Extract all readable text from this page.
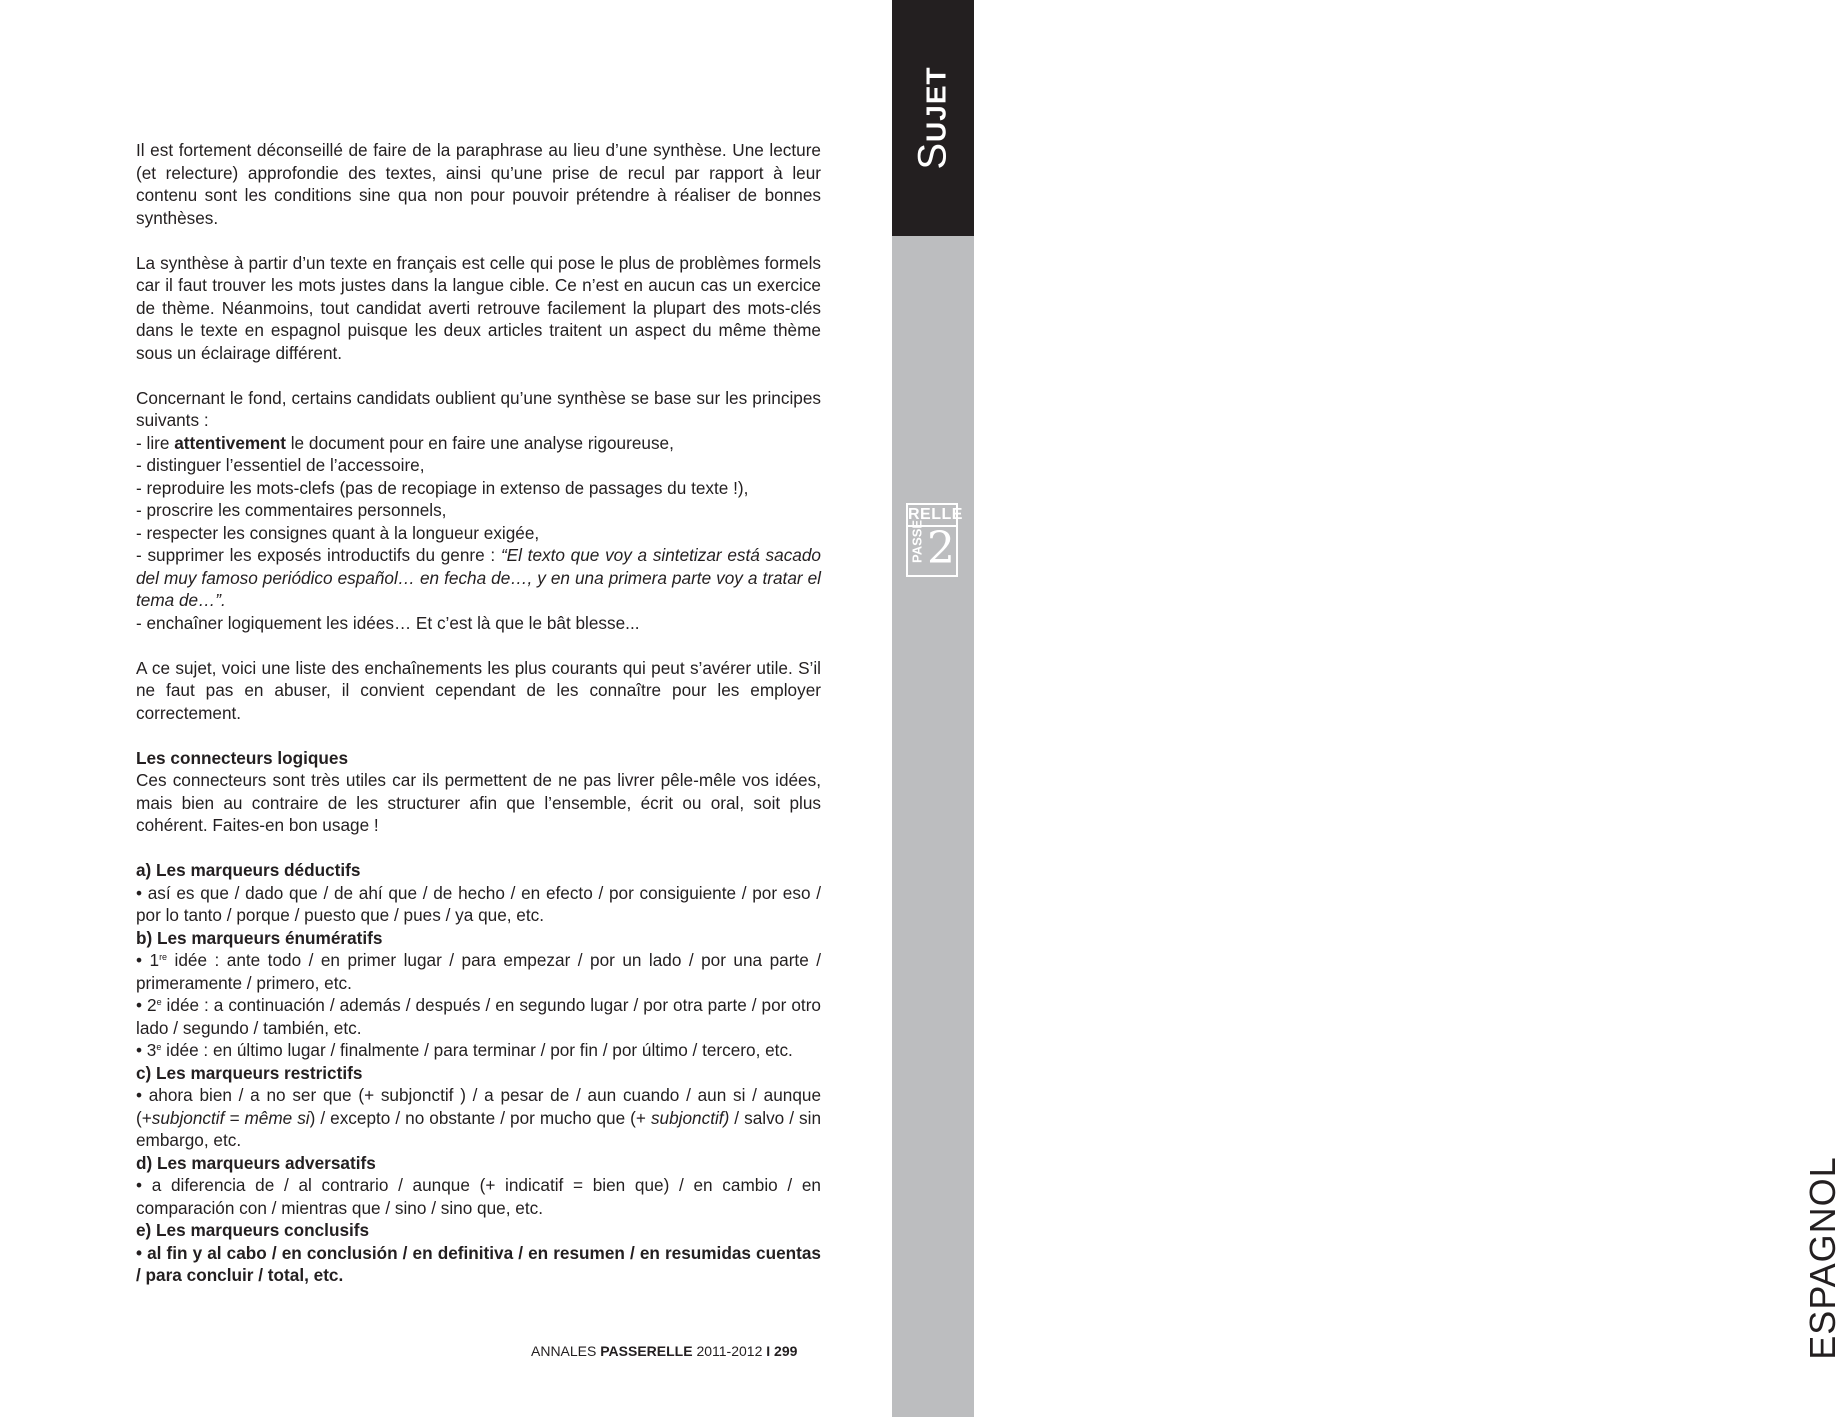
SUJET
RELLE
PASSE 2
ESPAGNOL

Il est fortement déconseillé de faire de la paraphrase au lieu d’une synthèse. Une lecture (et relecture) approfondie des textes, ainsi qu’une prise de recul par rapport à leur contenu sont les conditions sine qua non pour pouvoir prétendre à réaliser de bonnes synthèses.

La synthèse à partir d’un texte en français est celle qui pose le plus de problèmes formels car il faut trouver les mots justes dans la langue cible. Ce n’est en aucun cas un exercice de thème. Néanmoins, tout candidat averti retrouve facilement la plupart des mots-clés dans le texte en espagnol puisque les deux articles traitent un aspect du même thème sous un éclairage différent.

Concernant le fond, certains candidats oublient qu’une synthèse se base sur les principes suivants :
- lire attentivement le document pour en faire une analyse rigoureuse,
- distinguer l’essentiel de l’accessoire,
- reproduire les mots-clefs (pas de recopiage in extenso de passages du texte !),
- proscrire les commentaires personnels,
- respecter les consignes quant à la longueur exigée,
- supprimer les exposés introductifs du genre : “El texto que voy a sintetizar está sacado del muy famoso periódico español… en fecha de…, y en una primera parte voy a tratar el tema de…”.
- enchaîner logiquement les idées… Et c’est là que le bât blesse...

A ce sujet, voici une liste des enchaînements les plus courants qui peut s’avérer utile. S’il ne faut pas en abuser, il convient cependant de les connaître pour les employer correctement.

Les connecteurs logiques
Ces connecteurs sont très utiles car ils permettent de ne pas livrer pêle-mêle vos idées, mais bien au contraire de les structurer afin que l’ensemble, écrit ou oral, soit plus cohérent. Faites-en bon usage !
a) Les marqueurs déductifs
• así es que / dado que / de ahí que / de hecho / en efecto / por consiguiente / por eso / por lo tanto / porque / puesto que / pues / ya que, etc.
b) Les marqueurs énumératifs
• 1re idée : ante todo / en primer lugar / para empezar / por un lado / por una parte / primeramente / primero, etc.
• 2e idée : a continuación / además / después / en segundo lugar / por otra parte / por otro lado / segundo / también, etc.
• 3e idée : en último lugar / finalmente / para terminar / por fin / por último / tercero, etc.
c) Les marqueurs restrictifs
• ahora bien / a no ser que (+ subjonctif ) / a pesar de / aun cuando / aun si / aunque (+subjonctif = même si) / excepto / no obstante / por mucho que (+ subjonctif) / salvo / sin embargo, etc.
d) Les marqueurs adversatifs
• a diferencia de / al contrario / aunque (+ indicatif = bien que) / en cambio / en comparación con / mientras que / sino / sino que, etc.
e) Les marqueurs conclusifs
• al fin y al cabo / en conclusión / en definitiva / en resumen / en resumidas cuentas / para concluir / total, etc.
ANNALES PASSERELLE 2011-2012 I 299
